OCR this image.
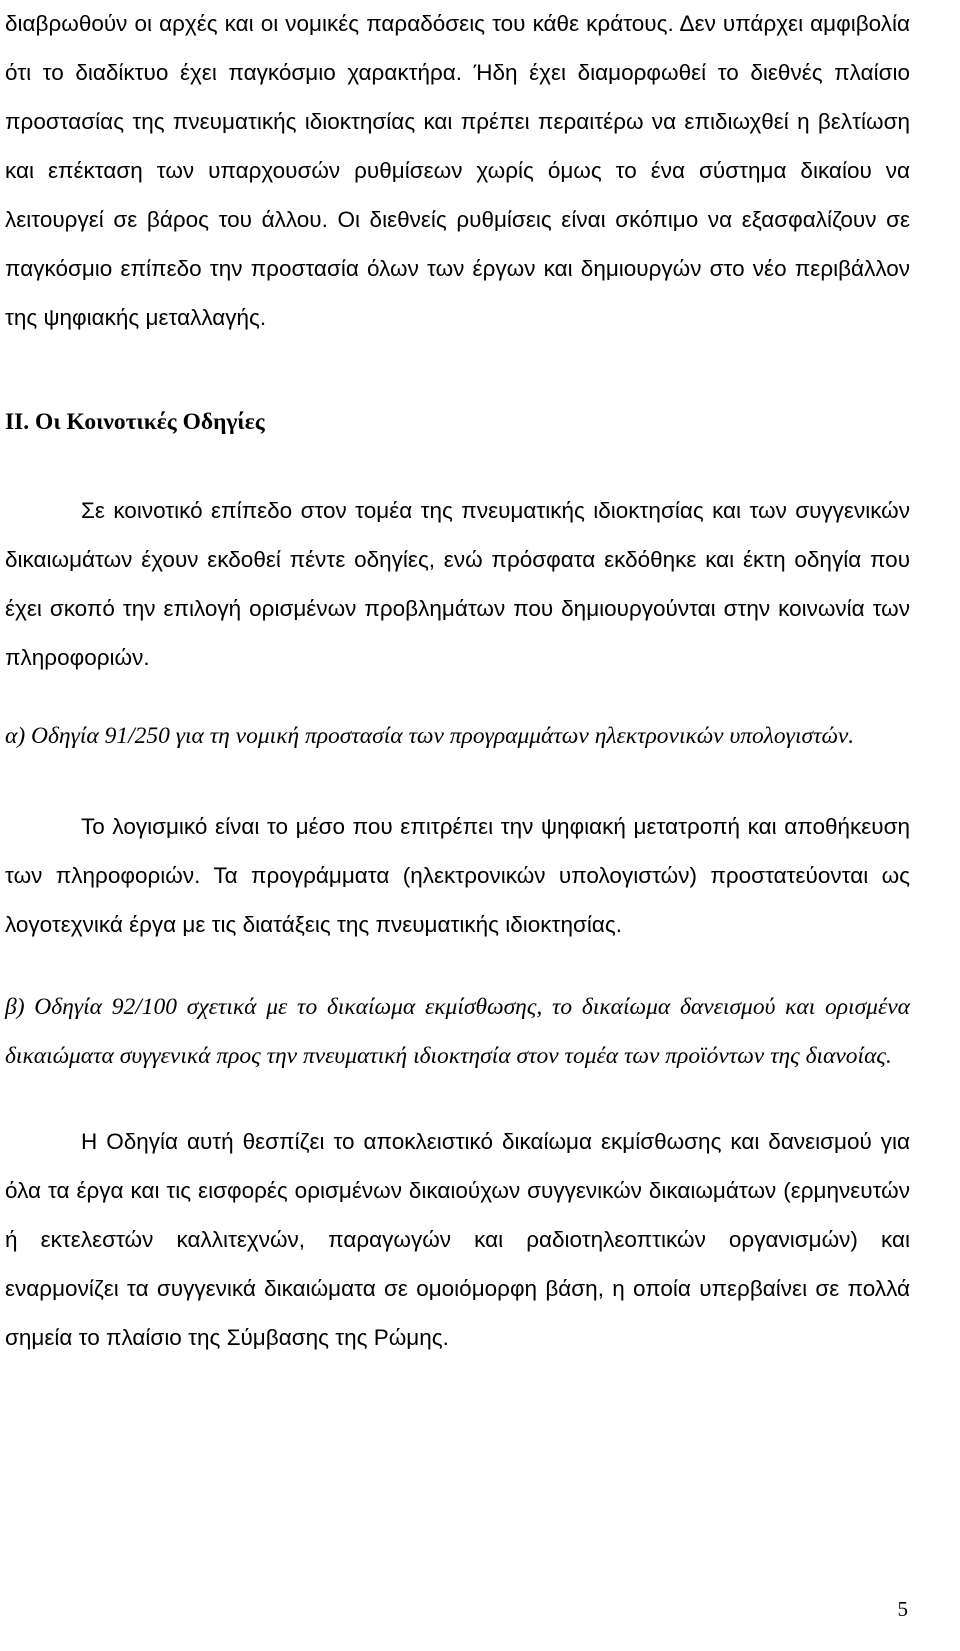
διαβρωθούν οι αρχές και οι νομικές παραδόσεις του κάθε κράτους. Δεν υπάρχει αμφιβολία ότι το διαδίκτυο έχει παγκόσμιο χαρακτήρα. Ήδη έχει διαμορφωθεί το διεθνές πλαίσιο προστασίας της πνευματικής ιδιοκτησίας και πρέπει περαιτέρω να επιδιωχθεί η βελτίωση και επέκταση των υπαρχουσών ρυθμίσεων χωρίς όμως το ένα σύστημα δικαίου να λειτουργεί σε βάρος του άλλου. Οι διεθνείς ρυθμίσεις είναι σκόπιμο να εξασφαλίζουν σε παγκόσμιο επίπεδο την προστασία όλων των έργων και δημιουργών στο νέο περιβάλλον της ψηφιακής μεταλλαγής.

ΙΙ. Οι Κοινοτικές Οδηγίες

Σε κοινοτικό επίπεδο στον τομέα της πνευματικής ιδιοκτησίας και των συγγενικών δικαιωμάτων έχουν εκδοθεί πέντε οδηγίες, ενώ πρόσφατα εκδόθηκε και έκτη οδηγία που έχει σκοπό την επιλογή ορισμένων προβλημάτων που δημιουργούνται στην κοινωνία των πληροφοριών.

α) Οδηγία 91/250 για τη νομική προστασία των προγραμμάτων ηλεκτρονικών υπολογιστών.

Το λογισμικό είναι το μέσο που επιτρέπει την ψηφιακή μετατροπή και αποθήκευση των πληροφοριών. Τα προγράμματα (ηλεκτρονικών υπολογιστών) προστατεύονται ως λογοτεχνικά έργα με τις διατάξεις της πνευματικής ιδιοκτησίας.

β) Οδηγία 92/100 σχετικά με το δικαίωμα εκμίσθωσης, το δικαίωμα δανεισμού και ορισμένα δικαιώματα συγγενικά προς την πνευματική ιδιοκτησία στον τομέα των προϊόντων της διανοίας.

Η Οδηγία αυτή θεσπίζει το αποκλειστικό δικαίωμα εκμίσθωσης και δανεισμού για όλα τα έργα και τις εισφορές ορισμένων δικαιούχων συγγενικών δικαιωμάτων (ερμηνευτών ή εκτελεστών καλλιτεχνών, παραγωγών και ραδιοτηλεοπτικών οργανισμών) και εναρμονίζει τα συγγενικά δικαιώματα σε ομοιόμορφη βάση, η οποία υπερβαίνει σε πολλά σημεία το πλαίσιο της Σύμβασης της Ρώμης.

5
